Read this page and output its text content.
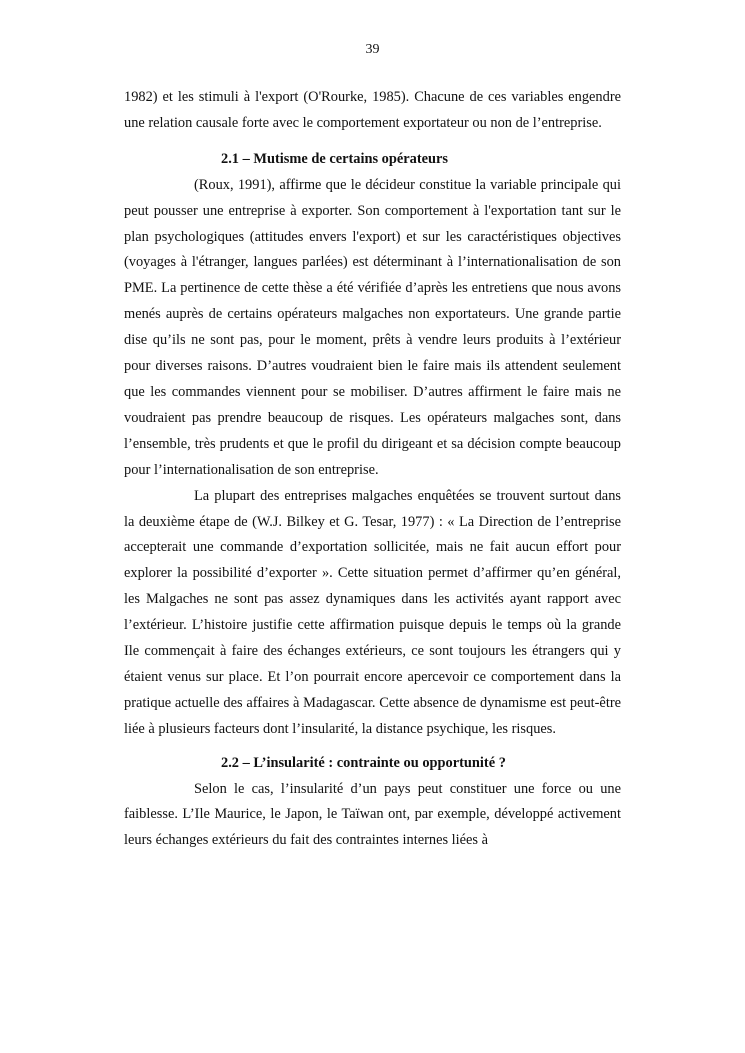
39

1982) et les stimuli à l'export (O'Rourke, 1985). Chacune de ces variables engendre une relation causale forte avec le comportement exportateur ou non de l’entreprise.

2.1 – Mutisme de certains opérateurs

(Roux, 1991), affirme que le décideur constitue la variable principale qui peut pousser une entreprise à exporter. Son comportement à l'exportation tant sur le plan psychologiques (attitudes envers l'export) et sur les caractéristiques objectives (voyages à l'étranger, langues parlées) est déterminant à l’internationalisation de son PME. La pertinence de cette thèse a été vérifiée d’après les entretiens que nous avons menés auprès de certains opérateurs malgaches non exportateurs. Une grande partie dise qu’ils ne sont pas, pour le moment, prêts à vendre leurs produits à l’extérieur pour diverses raisons. D’autres voudraient bien le faire mais ils attendent seulement que les commandes viennent pour se mobiliser. D’autres affirment le faire mais ne voudraient pas prendre beaucoup de risques. Les opérateurs malgaches sont, dans l’ensemble, très prudents et que le profil du dirigeant et sa décision compte beaucoup pour l’internationalisation de son entreprise.

La plupart des entreprises malgaches enquêtées se trouvent surtout dans la deuxième étape de (W.J. Bilkey et G. Tesar, 1977) : « La Direction de l’entreprise accepterait une commande d’exportation sollicitée, mais ne fait aucun effort pour explorer la possibilité d’exporter ». Cette situation permet d’affirmer qu’en général, les Malgaches ne sont pas assez dynamiques dans les activités ayant rapport avec l’extérieur. L’histoire justifie cette affirmation puisque depuis le temps où la grande Ile commençait à faire des échanges extérieurs, ce sont toujours les étrangers qui y étaient venus sur place. Et l’on pourrait encore apercevoir ce comportement dans la pratique actuelle des affaires à Madagascar. Cette absence de dynamisme est peut-être liée à plusieurs facteurs dont l’insularité, la distance psychique, les risques.

2.2 – L’insularité : contrainte ou opportunité ?

Selon le cas, l’insularité d’un pays peut constituer une force ou une faiblesse. L’Ile Maurice, le Japon, le Taïwan ont, par exemple, développé activement leurs échanges extérieurs du fait des contraintes internes liées à
